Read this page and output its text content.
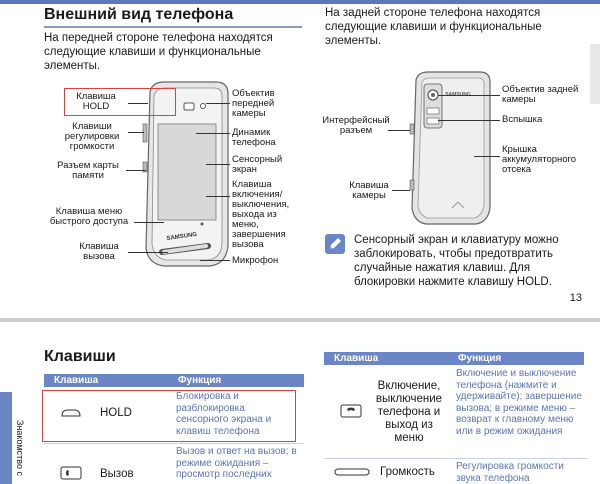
Внешний вид телефона
На передней стороне телефона находятся следующие клавиши и функциональные элементы.
На задней стороне телефона находятся следующие клавиши и функциональные элементы.
SAMSUNG
Клавиша HOLD
Клавиши регулировки громкости
Разъем карты памяти
Клавиша меню быстрого доступа
Клавиша вызова
Объектив передней камеры
Динамик телефона
Сенсорный экран
Клавиша включения/ выключения, выхода из меню, завершения вызова
Микрофон
Интерфейсный разъем
Клавиша камеры
Объектив задней камеры
Вспышка
Крышка аккумуляторного отсека
Сенсорный экран и клавиатуру можно заблокировать, чтобы предотвратить случайные нажатия клавиш. Для блокировки нажмите клавишу HOLD.
13
Знакомство с
Клавиши
Клавиша	Функция
HOLD
Блокировка и разблокировка сенсорного экрана и клавиш телефона
Вызов
Вызов и ответ на вызов; в режиме ожидания – просмотр последних
Клавиша	Функция
Включение, выключение телефона и выход из меню
Включение и выключение телефона (нажмите и удерживайте); завершение вызова; в режиме меню – возврат к главному меню или в режим ожидания
Громкость Регулировка громкости звука телефона
